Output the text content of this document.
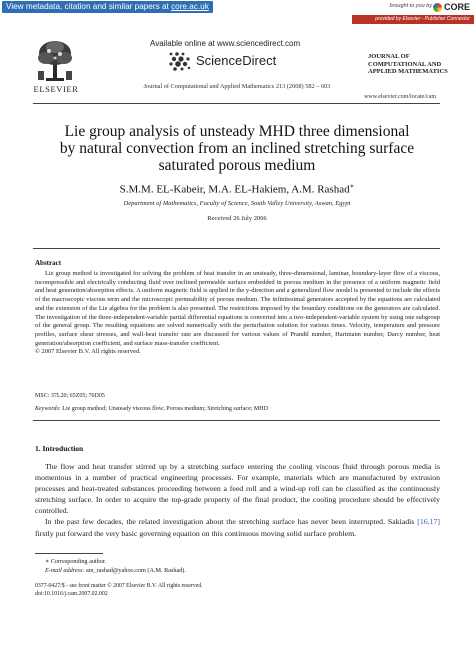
View metadata, citation and similar papers at core.ac.uk	brought to you by CORE
provided by Elsevier - Publisher Connector
ELSEVIER
Available online at www.sciencedirect.com
ScienceDirect	JOURNAL OF
COMPUTATIONAL AND
APPLIED MATHEMATICS
Journal of Computational and Applied Mathematics 213 (2008) 582 – 603
www.elsevier.com/locate/cam
Lie group analysis of unsteady MHD three dimensional
by natural convection from an inclined stretching surface
saturated porous medium
S.M.M. EL-Kabeir, M.A. EL-Hakiem, A.M. Rashad∗
Department of Mathematics, Faculty of Science, South Valley University, Aswan, Egypt
Received 26 July 2006
Abstract
Lie group method is investigated for solving the problem of heat transfer in an unsteady, three-dimensional, laminar, boundary-layer flow of a viscous, incompressible and electrically conducting fluid over inclined permeable surface embedded in porous medium in the presence of a uniform magnetic field and heat generation/absorption effects. A uniform magnetic field is applied in the y-direction and a generalized flow model is presented to include the effects of the macroscopic viscous term and the microscopic permeability of porous medium. The infinitesimal generators accepted by the equations are calculated and the extension of the Lie algebra for the problem is also presented. The restrictions imposed by the boundary conditions on the generators are calculated. The investigation of the three-independent-variable partial differential equations is converted into a two-independent-variable system by using one subgroup of the general group. The resulting equations are solved numerically with the perturbation solution for various times. Velocity, temperature and pressure profiles, surface shear stresses, and wall-heat transfer rate are discussed for various values of Prandtl number, Hartmann number, Darcy number, heat generation/absorption coefficient, and surface mass-transfer coefficient.
© 2007 Elsevier B.V. All rights reserved.
MSC: 37L20; 65Z05; 76D05
Keywords: Lie group method; Unsteady viscous flow; Porous medium; Stretching surface; MHD
1. Introduction

The flow and heat transfer stirred up by a stretching surface entering the cooling viscous fluid through porous media is momentous in a number of practical engineering processes. For example, materials which are manufactured by extrusion processes and heat-treated substances proceeding between a feed roll and a wind-up roll can be classified as the continuously stretching surface. In order to acquire the top-grade property of the final product, the cooling procedure should be effectively controlled.

In the past few decades, the related investigation about the stretching surface has never been interrupted. Sakiadis [16,17] firstly put forward the very basic governing equation on this continuous moving solid surface problem.

∗ Corresponding author.
E-mail address: am_rashad@yahoo.com (A.M. Rashad).
0377-0427/$ - see front matter © 2007 Elsevier B.V. All rights reserved.
doi:10.1016/j.cam.2007.02.002
